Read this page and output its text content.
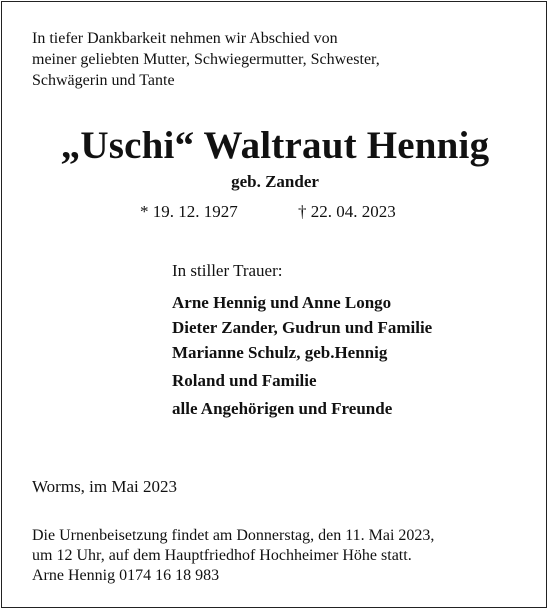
In tiefer Dankbarkeit nehmen wir Abschied von
meiner geliebten Mutter, Schwiegermutter, Schwester,
Schwägerin und Tante
„Uschi“ Waltraut Hennig
geb. Zander
* 19. 12. 1927	† 22. 04. 2023
In stiller Trauer:
Arne Hennig und Anne Longo
Dieter Zander, Gudrun und Familie
Marianne Schulz, geb.Hennig
Roland und Familie
alle Angehörigen und Freunde
Worms, im Mai 2023
Die Urnenbeisetzung findet am Donnerstag, den 11. Mai 2023,
um 12 Uhr, auf dem Hauptfriedhof Hochheimer Höhe statt.
Arne Hennig 0174 16 18 983
